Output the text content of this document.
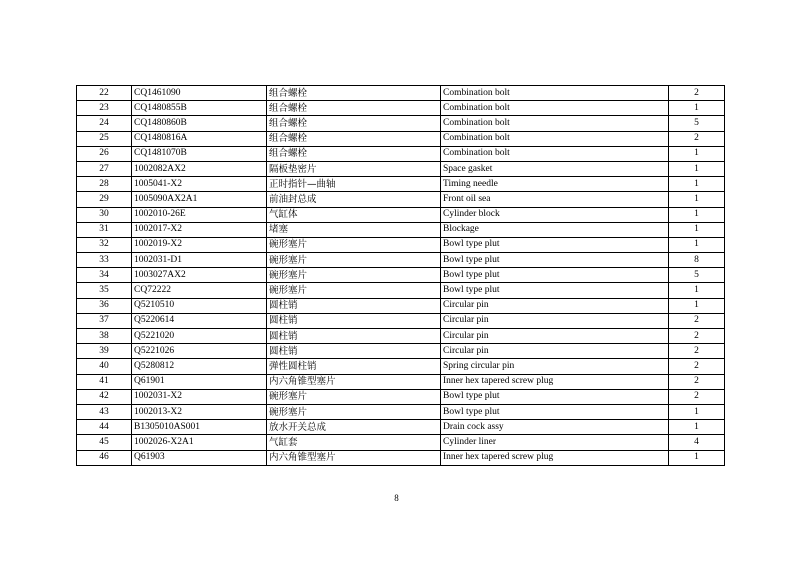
22	CQ1461090	组合螺栓	Combination bolt	2
23	CQ1480855B	组合螺栓	Combination bolt	1
24	CQ1480860B	组合螺栓	Combination bolt	5
25	CQ1480816A	组合螺栓	Combination bolt	2
26	CQ1481070B	组合螺栓	Combination bolt	1
27	1002082AX2	隔板垫密片	Space gasket	1
28	1005041-X2	正时指针—曲轴	Timing needle	1
29	1005090AX2A1	前油封总成	Front oil sea	1
30	1002010-26E	气缸体	Cylinder block	1
31	1002017-X2	堵塞	Blockage	1
32	1002019-X2	碗形塞片	Bowl type plut	1
33	1002031-D1	碗形塞片	Bowl type plut	8
34	1003027AX2	碗形塞片	Bowl type plut	5
35	CQ72222	碗形塞片	Bowl type plut	1
36	Q5210510	圆柱销	Circular pin	1
37	Q5220614	圆柱销	Circular pin	2
38	Q5221020	圆柱销	Circular pin	2
39	Q5221026	圆柱销	Circular pin	2
40	Q5280812	弹性圆柱销	Spring circular pin	2
41	Q61901	内六角锥型塞片	Inner hex tapered screw plug	2
42	1002031-X2	碗形塞片	Bowl type plut	2
43	1002013-X2	碗形塞片	Bowl type plut	1
44	B1305010AS001	放水开关总成	Drain cock assy	1
45	1002026-X2A1	气缸套	Cylinder liner	4
46	Q61903	内六角锥型塞片	Inner hex tapered screw plug	1
8
